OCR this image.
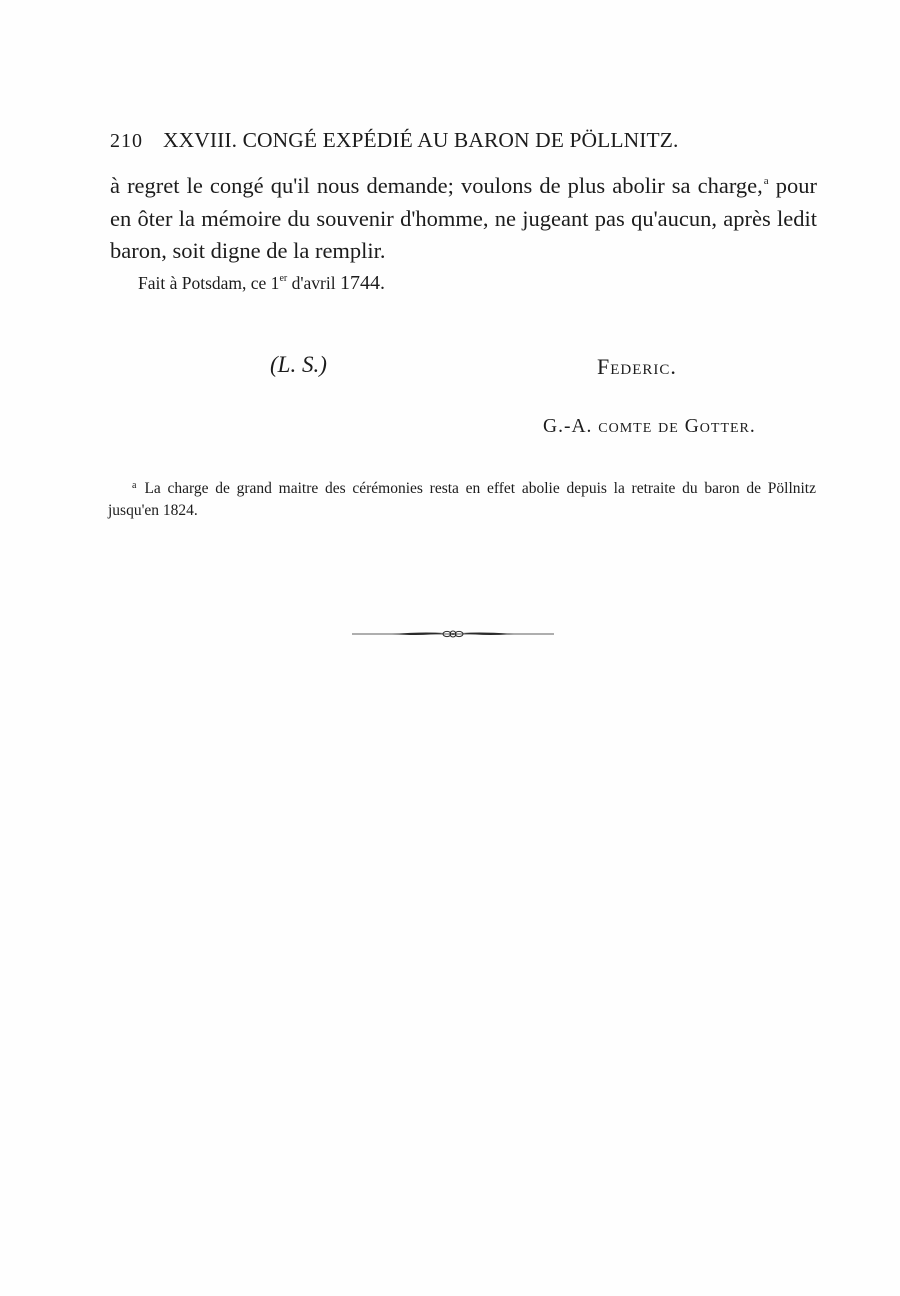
210 XXVIII. CONGÉ EXPÉDIÉ AU BARON DE PÖLLNITZ.

à regret le congé qu'il nous demande; voulons de plus abolir sa charge,$^a$ pour en ôter la mémoire du souvenir d'homme, ne jugeant pas qu'aucun, après ledit baron, soit digne de la remplir.

Fait à Potsdam, ce 1er d'avril 1744.
(L. S.)	Federic.
G.-A. comte de Gotter.
$^a$ La charge de grand maitre des cérémonies resta en effet abolie depuis la retraite du baron de Pöllnitz jusqu'en 1824.
